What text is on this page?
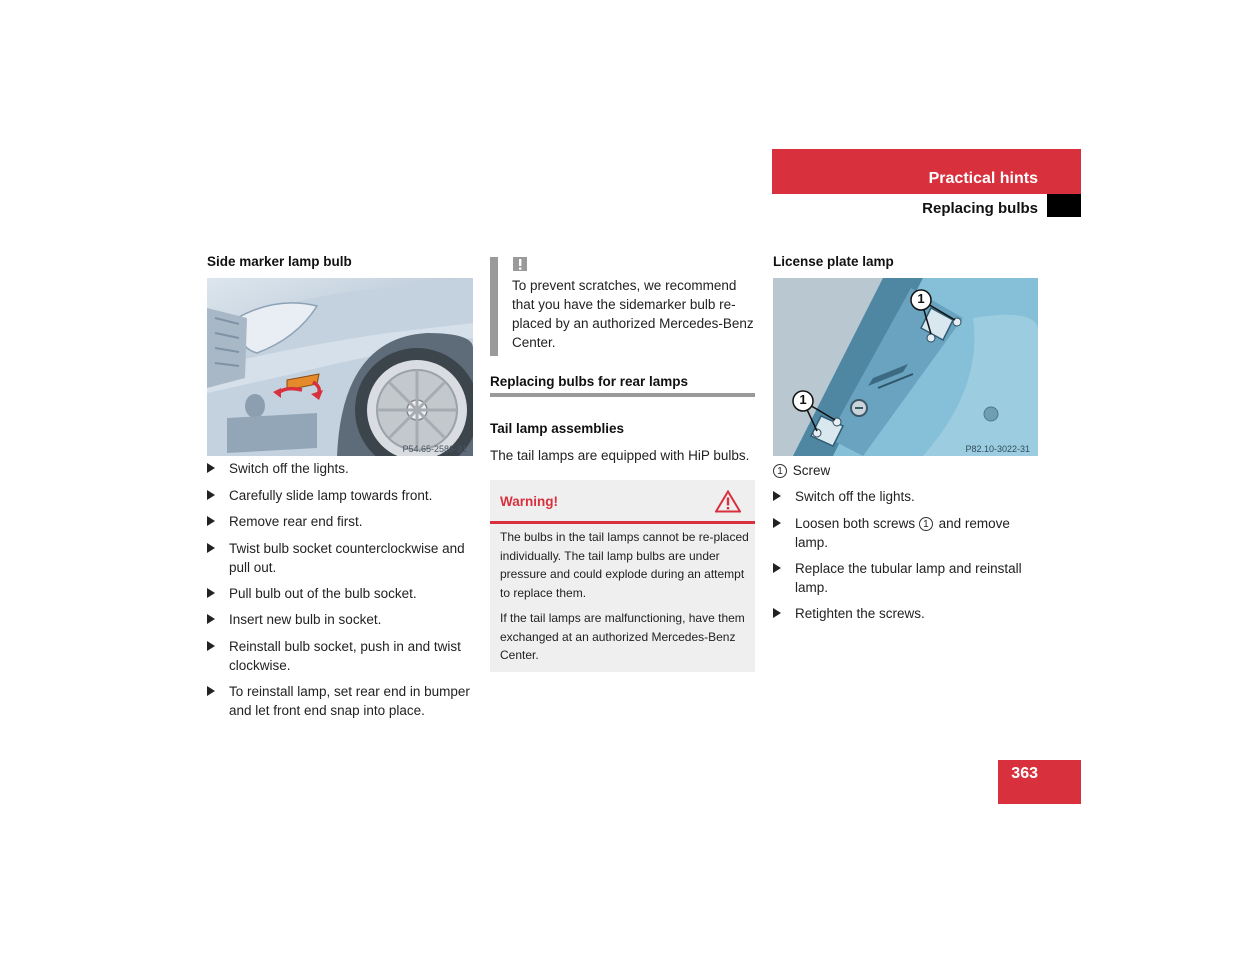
Practical hints
Replacing bulbs
Side marker lamp bulb
P54.65-2586-31
Switch off the lights.
Carefully slide lamp towards front.
Remove rear end first.
Twist bulb socket counterclockwise and pull out.
Pull bulb out of the bulb socket.
Insert new bulb in socket.
Reinstall bulb socket, push in and twist clockwise.
To reinstall lamp, set rear end in bumper and let front end snap into place.
To prevent scratches, we recommend that you have the sidemarker bulb re-placed by an authorized Mercedes-Benz Center.
Replacing bulbs for rear lamps
Tail lamp assemblies
The tail lamps are equipped with HiP bulbs.
Warning!
The bulbs in the tail lamps cannot be re-placed individually. The tail lamp bulbs are under pressure and could explode during an attempt to replace them.
If the tail lamps are malfunctioning, have them exchanged at an authorized Mercedes-Benz Center.
License plate lamp
1
1
P82.10-3022-31
1 Screw
Switch off the lights.
Loosen both screws 1 and remove lamp.
Replace the tubular lamp and reinstall lamp.
Retighten the screws.
363
